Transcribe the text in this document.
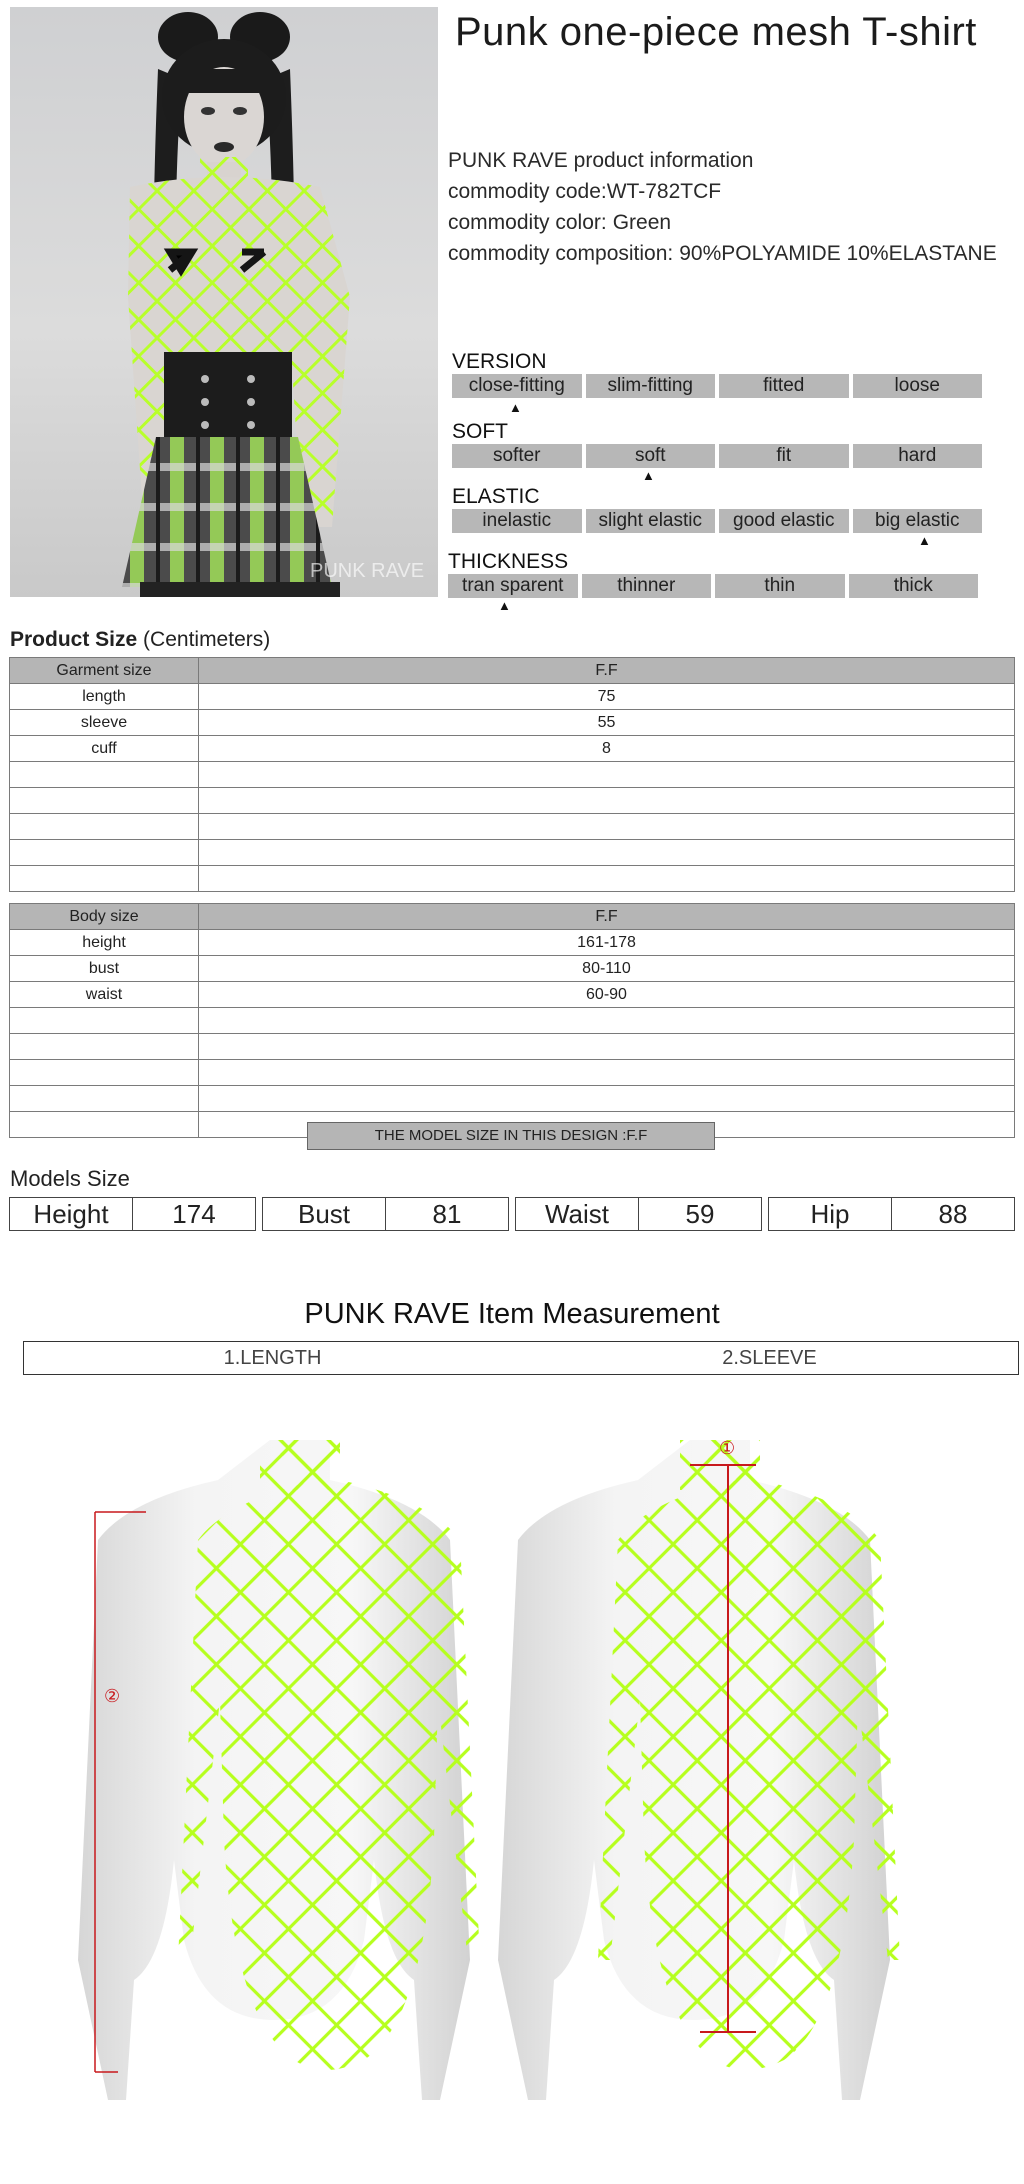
PUNK RAVE
Punk one-piece mesh T-shirt
PUNK RAVE product information
commodity code: WT-782TCF
commodity color: Green
commodity composition: 90%POLYAMIDE 10%ELASTANE
VERSION
close-fitting	slim-fitting	fitted	loose
▲
SOFT
softer	soft	fit	hard
▲
ELASTIC
inelastic	slight elastic	good elastic	big elastic
▲
THICKNESS
tran sparent	thinner	thin	thick
▲
Product Size (Centimeters)
Garment size	F.F
length	75
sleeve	55
cuff	8

Body size	F.F
height	161-178
bust	80-110
waist	60-90

THE MODEL SIZE IN THIS DESIGN :F.F
Models Size
Height	174	Bust	81	Waist	59	Hip	88
PUNK RAVE Item Measurement
1.LENGTH	2.SLEEVE
②
①
